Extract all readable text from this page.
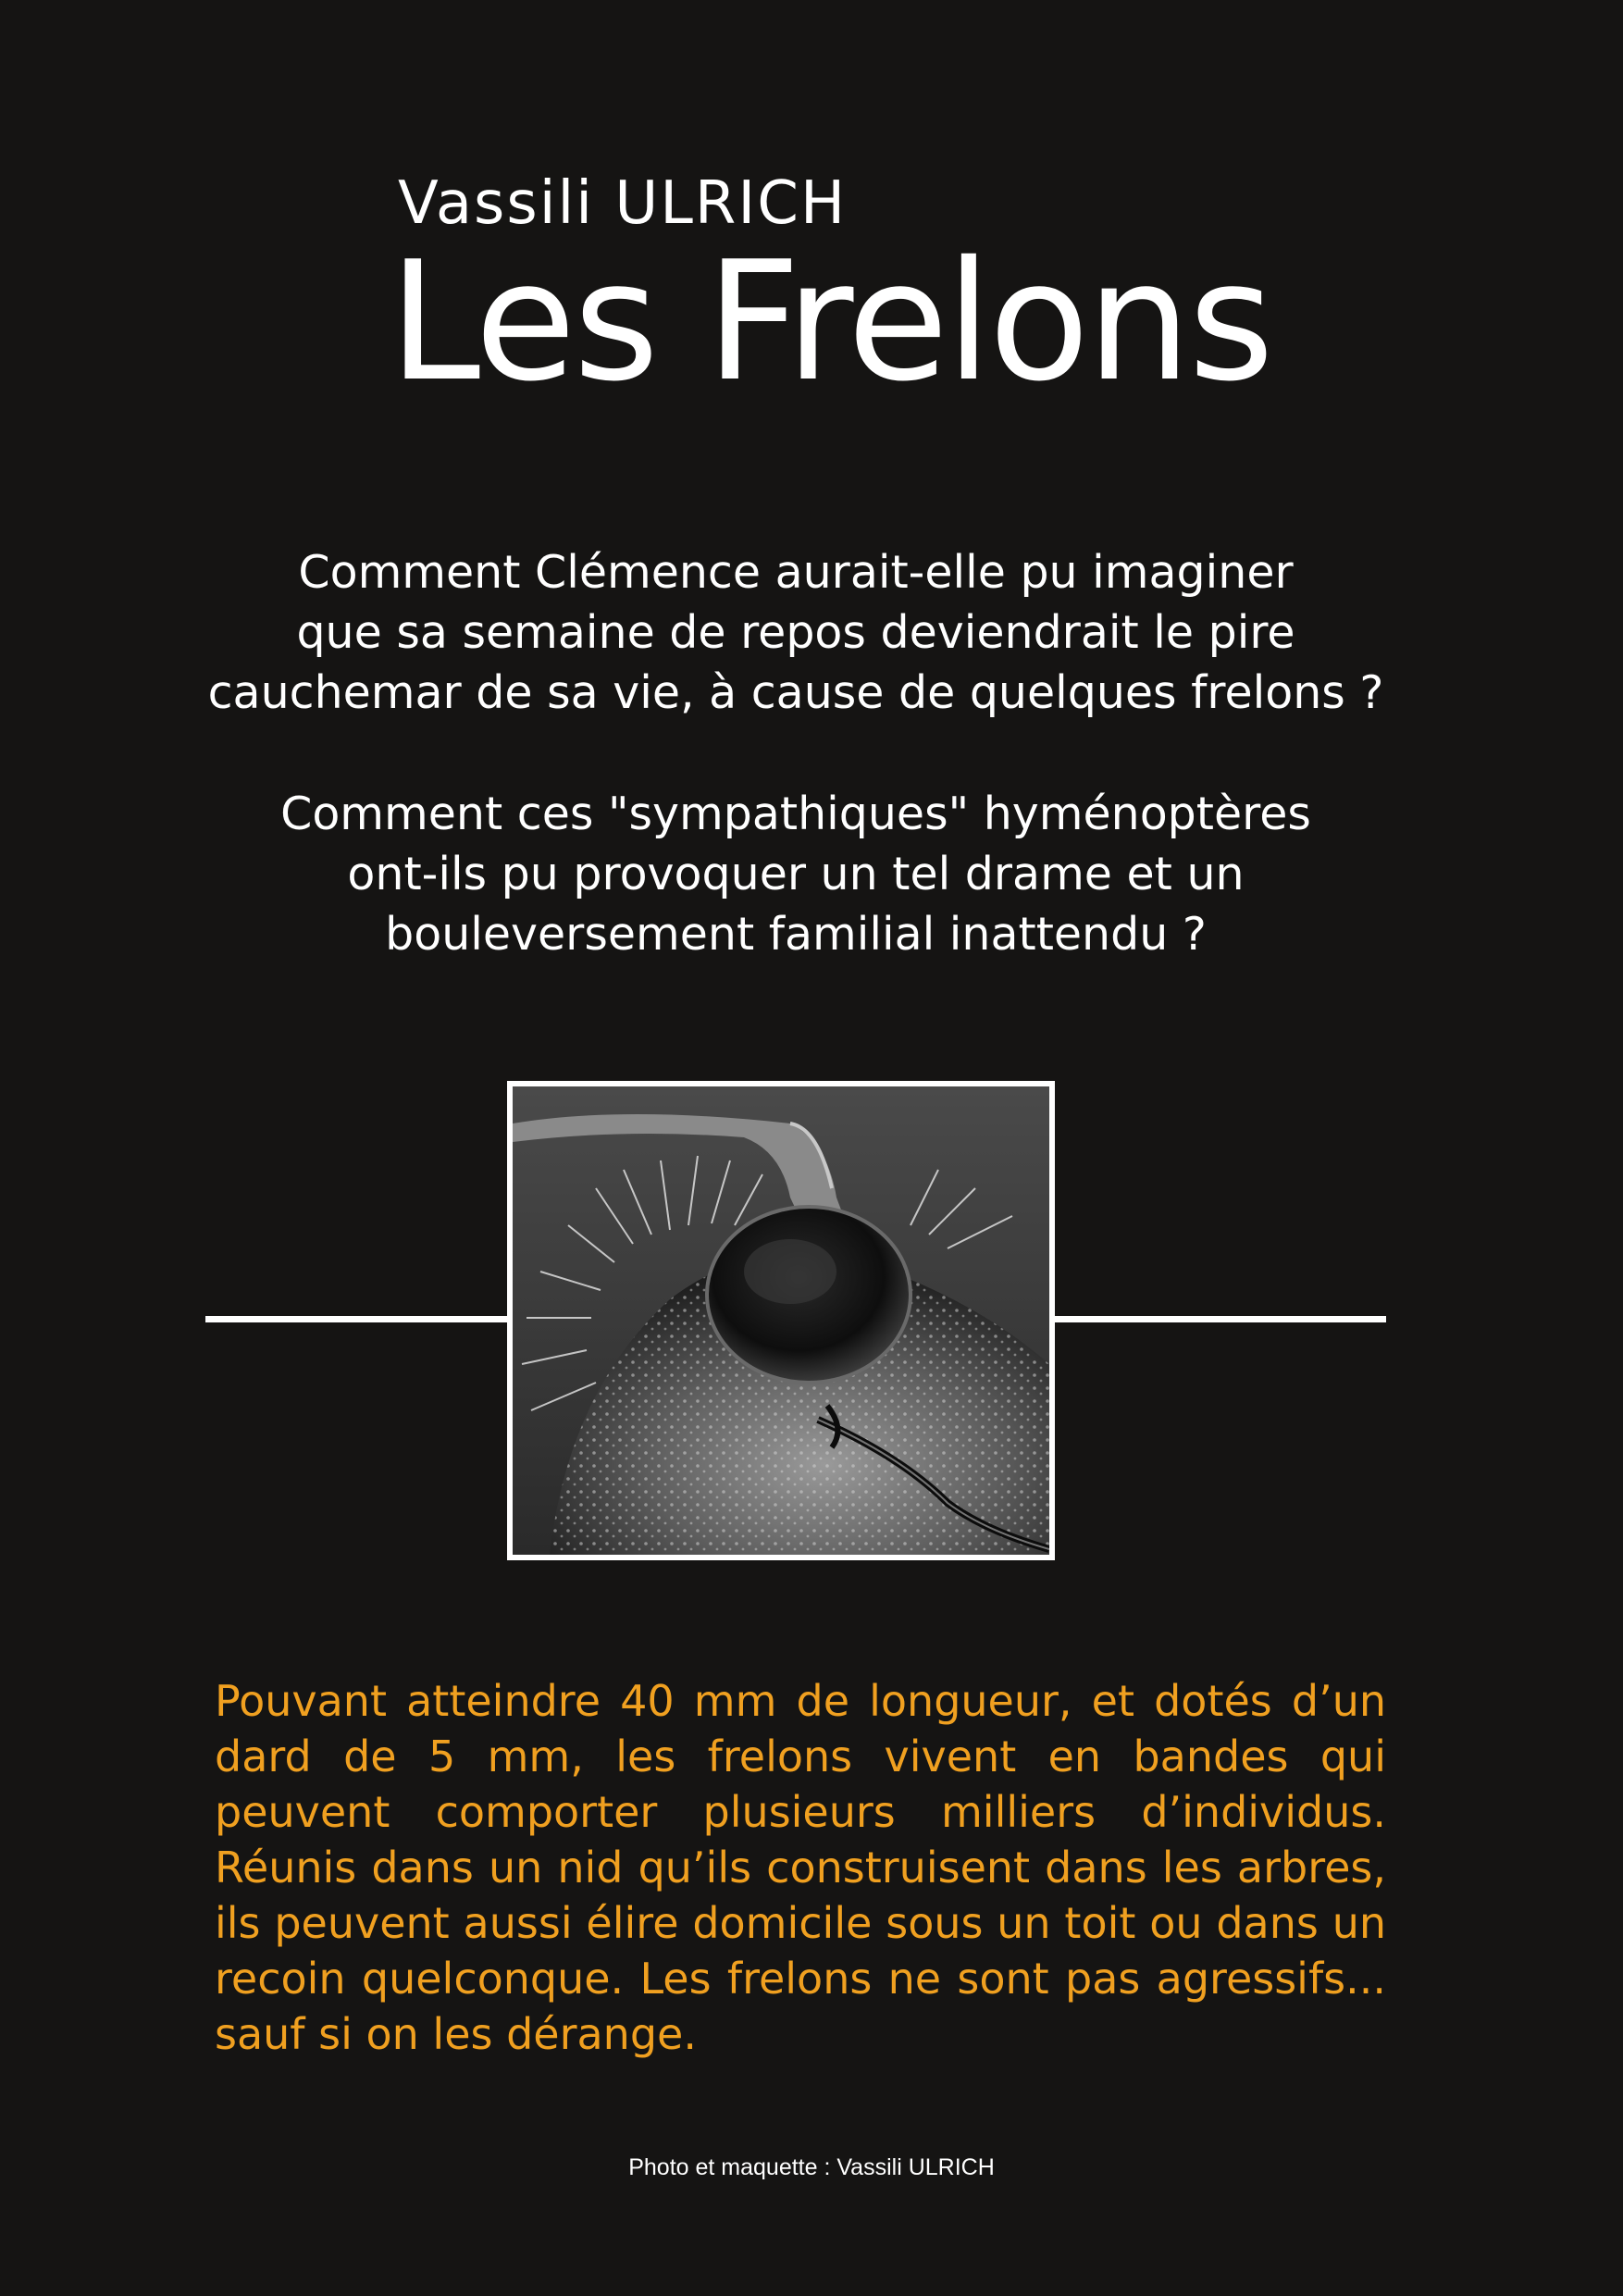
Vassili ULRICH
Les Frelons
Comment Clémence aurait-elle pu imaginer
que sa semaine de repos deviendrait le pire
cauchemar de sa vie, à cause de quelques frelons ?
Comment ces "sympathiques" hyménoptères
ont-ils pu provoquer un tel drame et un
bouleversement familial inattendu ?
Pouvant atteindre 40 mm de longueur, et dotés d’un dard de 5 mm, les frelons vivent en bandes qui peuvent comporter plusieurs milliers d’individus. Réunis dans un nid qu’ils construisent dans les arbres, ils peuvent aussi élire domicile sous un toit ou dans un recoin quelconque. Les frelons ne sont pas agressifs... sauf si on les dérange.
Photo et maquette : Vassili ULRICH
